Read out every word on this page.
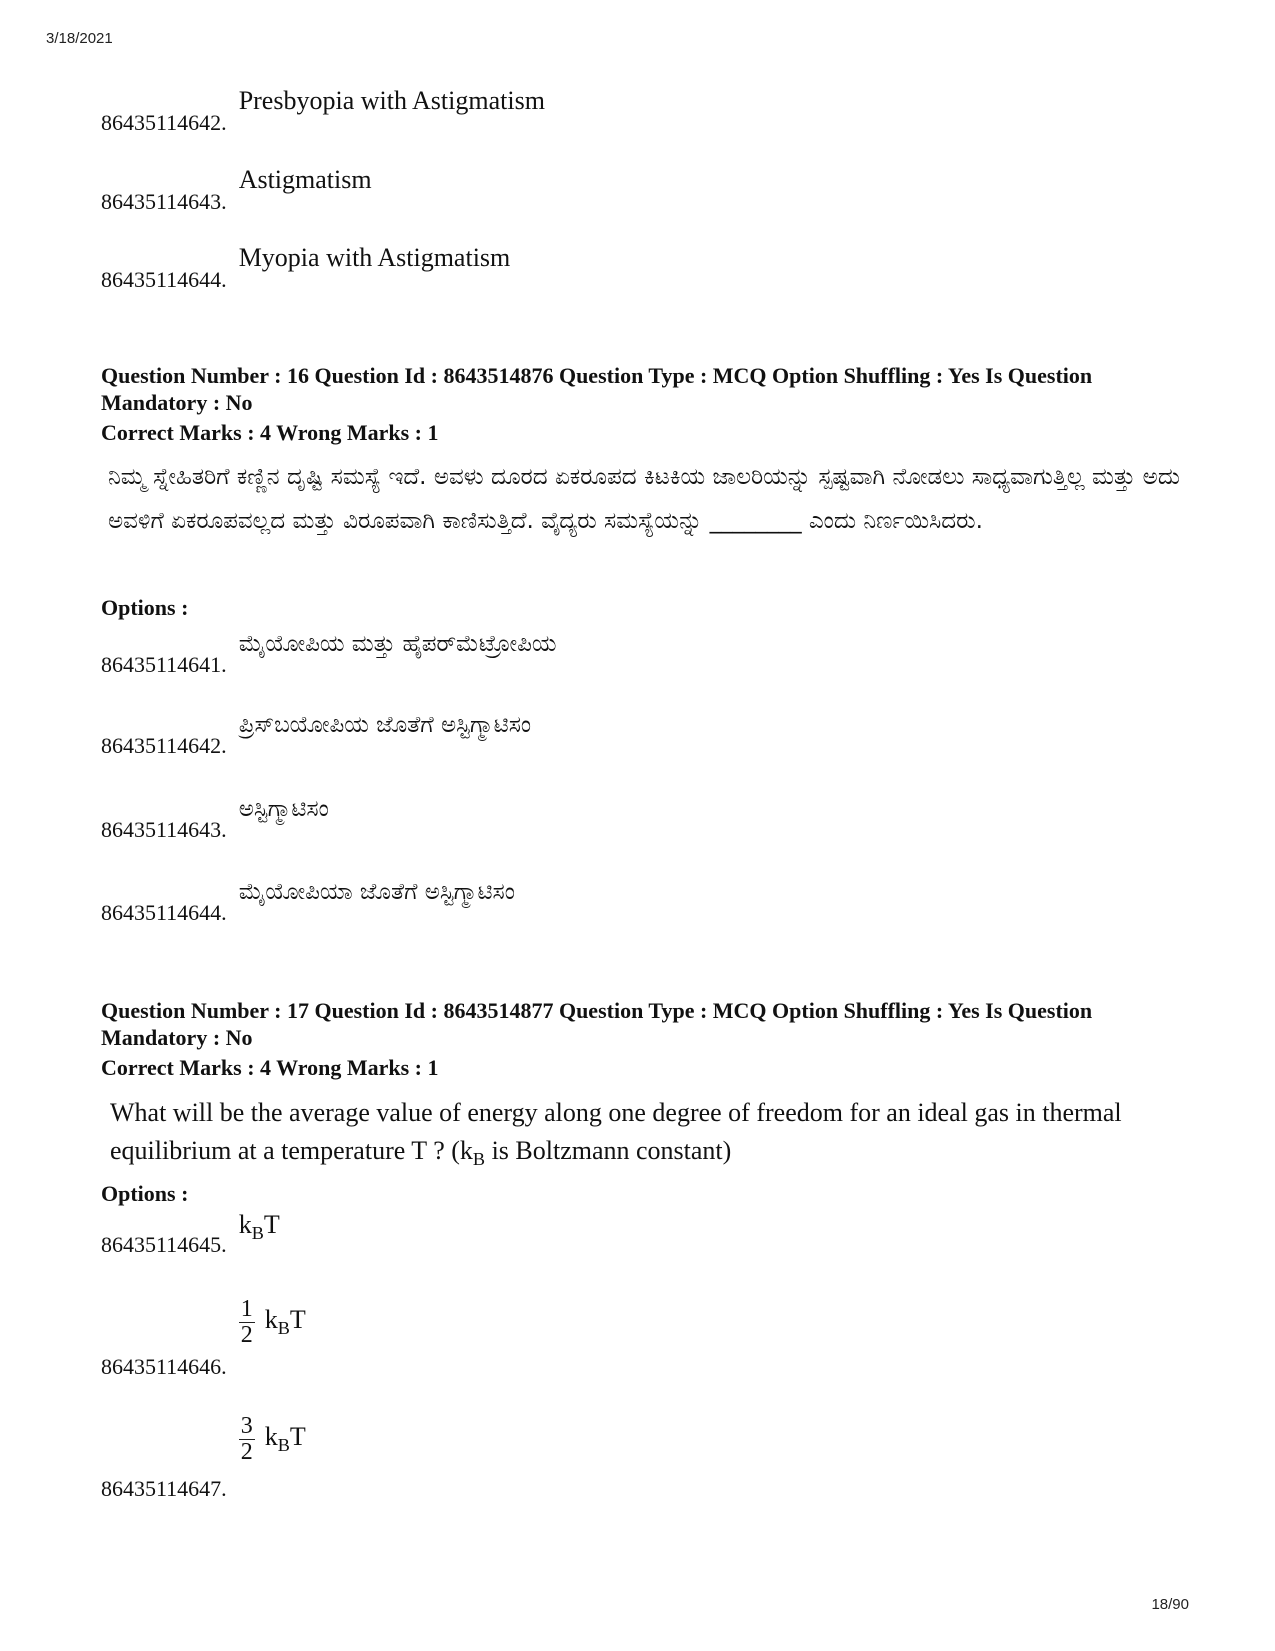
3/18/2021
86435114642.
Presbyopia with Astigmatism
86435114643.
Astigmatism
86435114644.
Myopia with Astigmatism
Question Number : 16 Question Id : 8643514876 Question Type : MCQ Option Shuffling : Yes Is Question Mandatory : No
Correct Marks : 4 Wrong Marks : 1
ನಿಮ್ಮ ಸ್ನೇಹಿತರಿಗೆ ಕಣ್ಣಿನ ದೃಷ್ಟಿ ಸಮಸ್ಯೆ ಇದೆ. ಅವಳು ದೂರದ ಏಕರೂಪದ ಕಿಟಕಿಯ ಜಾಲರಿಯನ್ನು ಸ್ಪಷ್ಟವಾಗಿ ನೋಡಲು ಸಾಧ್ಯವಾಗುತ್ತಿಲ್ಲ ಮತ್ತು ಅದು ಅವಳಿಗೆ ಏಕರೂಪವಲ್ಲದ ಮತ್ತು ವಿರೂಪವಾಗಿ ಕಾಣಿಸುತ್ತಿದೆ. ವೈದ್ಯರು ಸಮಸ್ಯೆಯನ್ನು ________ ಎಂದು ನಿರ್ಣಯಿಸಿದರು.
Options :
86435114641.
ಮೈಯೋಪಿಯ ಮತ್ತು ಹೈಪರ್‌ಮೆಟ್ರೋಪಿಯ
86435114642.
ಪ್ರಿಸ್‌ಬಯೋಪಿಯ ಜೊತೆಗೆ ಅಸ್ಟಿಗ್ಮಾಟಿಸಂ
86435114643.
ಅಸ್ಟಿಗ್ಮಾಟಿಸಂ
86435114644.
ಮೈಯೋಪಿಯಾ ಜೊತೆಗೆ ಅಸ್ಟಿಗ್ಮಾಟಿಸಂ
Question Number : 17 Question Id : 8643514877 Question Type : MCQ Option Shuffling : Yes Is Question Mandatory : No
Correct Marks : 4 Wrong Marks : 1
What will be the average value of energy along one degree of freedom for an ideal gas in thermal equilibrium at a temperature T ? ($k_B$ is Boltzmann constant)
Options :
86435114645.
$k_BT$
86435114646.
$\frac{1}{2} k_BT$
86435114647.
$\frac{3}{2} k_BT$
18/90
